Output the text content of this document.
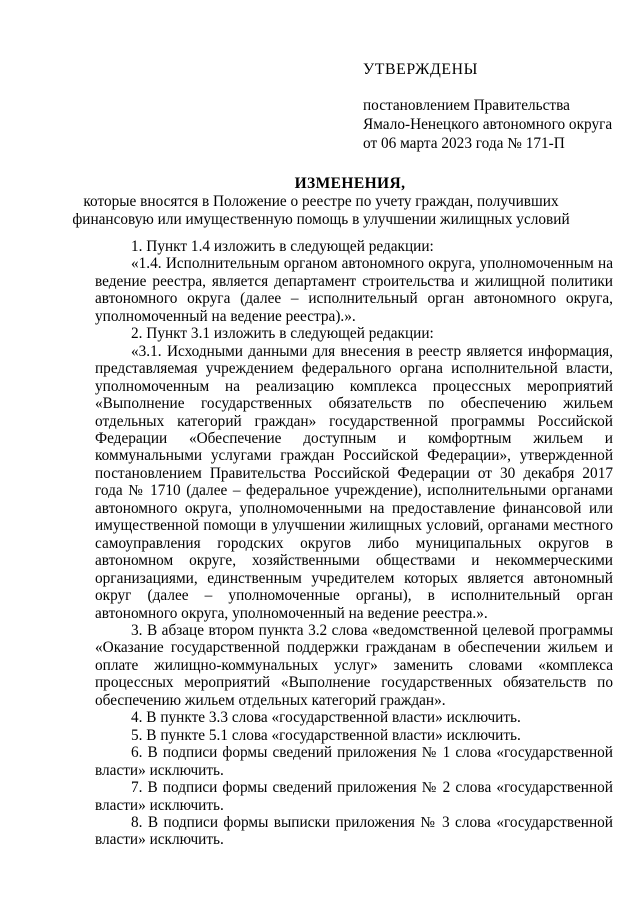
УТВЕРЖДЕНЫ
постановлением Правительства
Ямало-Ненецкого автономного округа
от 06 марта 2023 года № 171-П
ИЗМЕНЕНИЯ,
которые вносятся в Положение о реестре по учету граждан, получивших
финансовую или имущественную помощь в улучшении жилищных условий

1. Пункт 1.4 изложить в следующей редакции:

«1.4. Исполнительным органом автономного округа, уполномоченным на ведение реестра, является департамент строительства и жилищной политики автономного округа (далее – исполнительный орган автономного округа, уполномоченный на ведение реестра).».

2. Пункт 3.1 изложить в следующей редакции:

«3.1. Исходными данными для внесения в реестр является информация, представляемая учреждением федерального органа исполнительной власти, уполномоченным на реализацию комплекса процессных мероприятий «Выполнение государственных обязательств по обеспечению жильем отдельных категорий граждан» государственной программы Российской Федерации «Обеспечение доступным и комфортным жильем и коммунальными услугами граждан Российской Федерации», утвержденной постановлением Правительства Российской Федерации от 30 декабря 2017 года № 1710 (далее – федеральное учреждение), исполнительными органами автономного округа, уполномоченными на предоставление финансовой или имущественной помощи в улучшении жилищных условий, органами местного самоуправления городских округов либо муниципальных округов в автономном округе, хозяйственными обществами и некоммерческими организациями, единственным учредителем которых является автономный округ (далее – уполномоченные органы), в исполнительный орган автономного округа, уполномоченный на ведение реестра.».

3. В абзаце втором пункта 3.2 слова «ведомственной целевой программы «Оказание государственной поддержки гражданам в обеспечении жильем и оплате жилищно-коммунальных услуг» заменить словами «комплекса процессных мероприятий «Выполнение государственных обязательств по обеспечению жильем отдельных категорий граждан».

4. В пункте 3.3 слова «государственной власти» исключить.

5. В пункте 5.1 слова «государственной власти» исключить.

6. В подписи формы сведений приложения № 1 слова «государственной власти» исключить.

7. В подписи формы сведений приложения № 2 слова «государственной власти» исключить.

8. В подписи формы выписки приложения № 3 слова «государственной власти» исключить.
